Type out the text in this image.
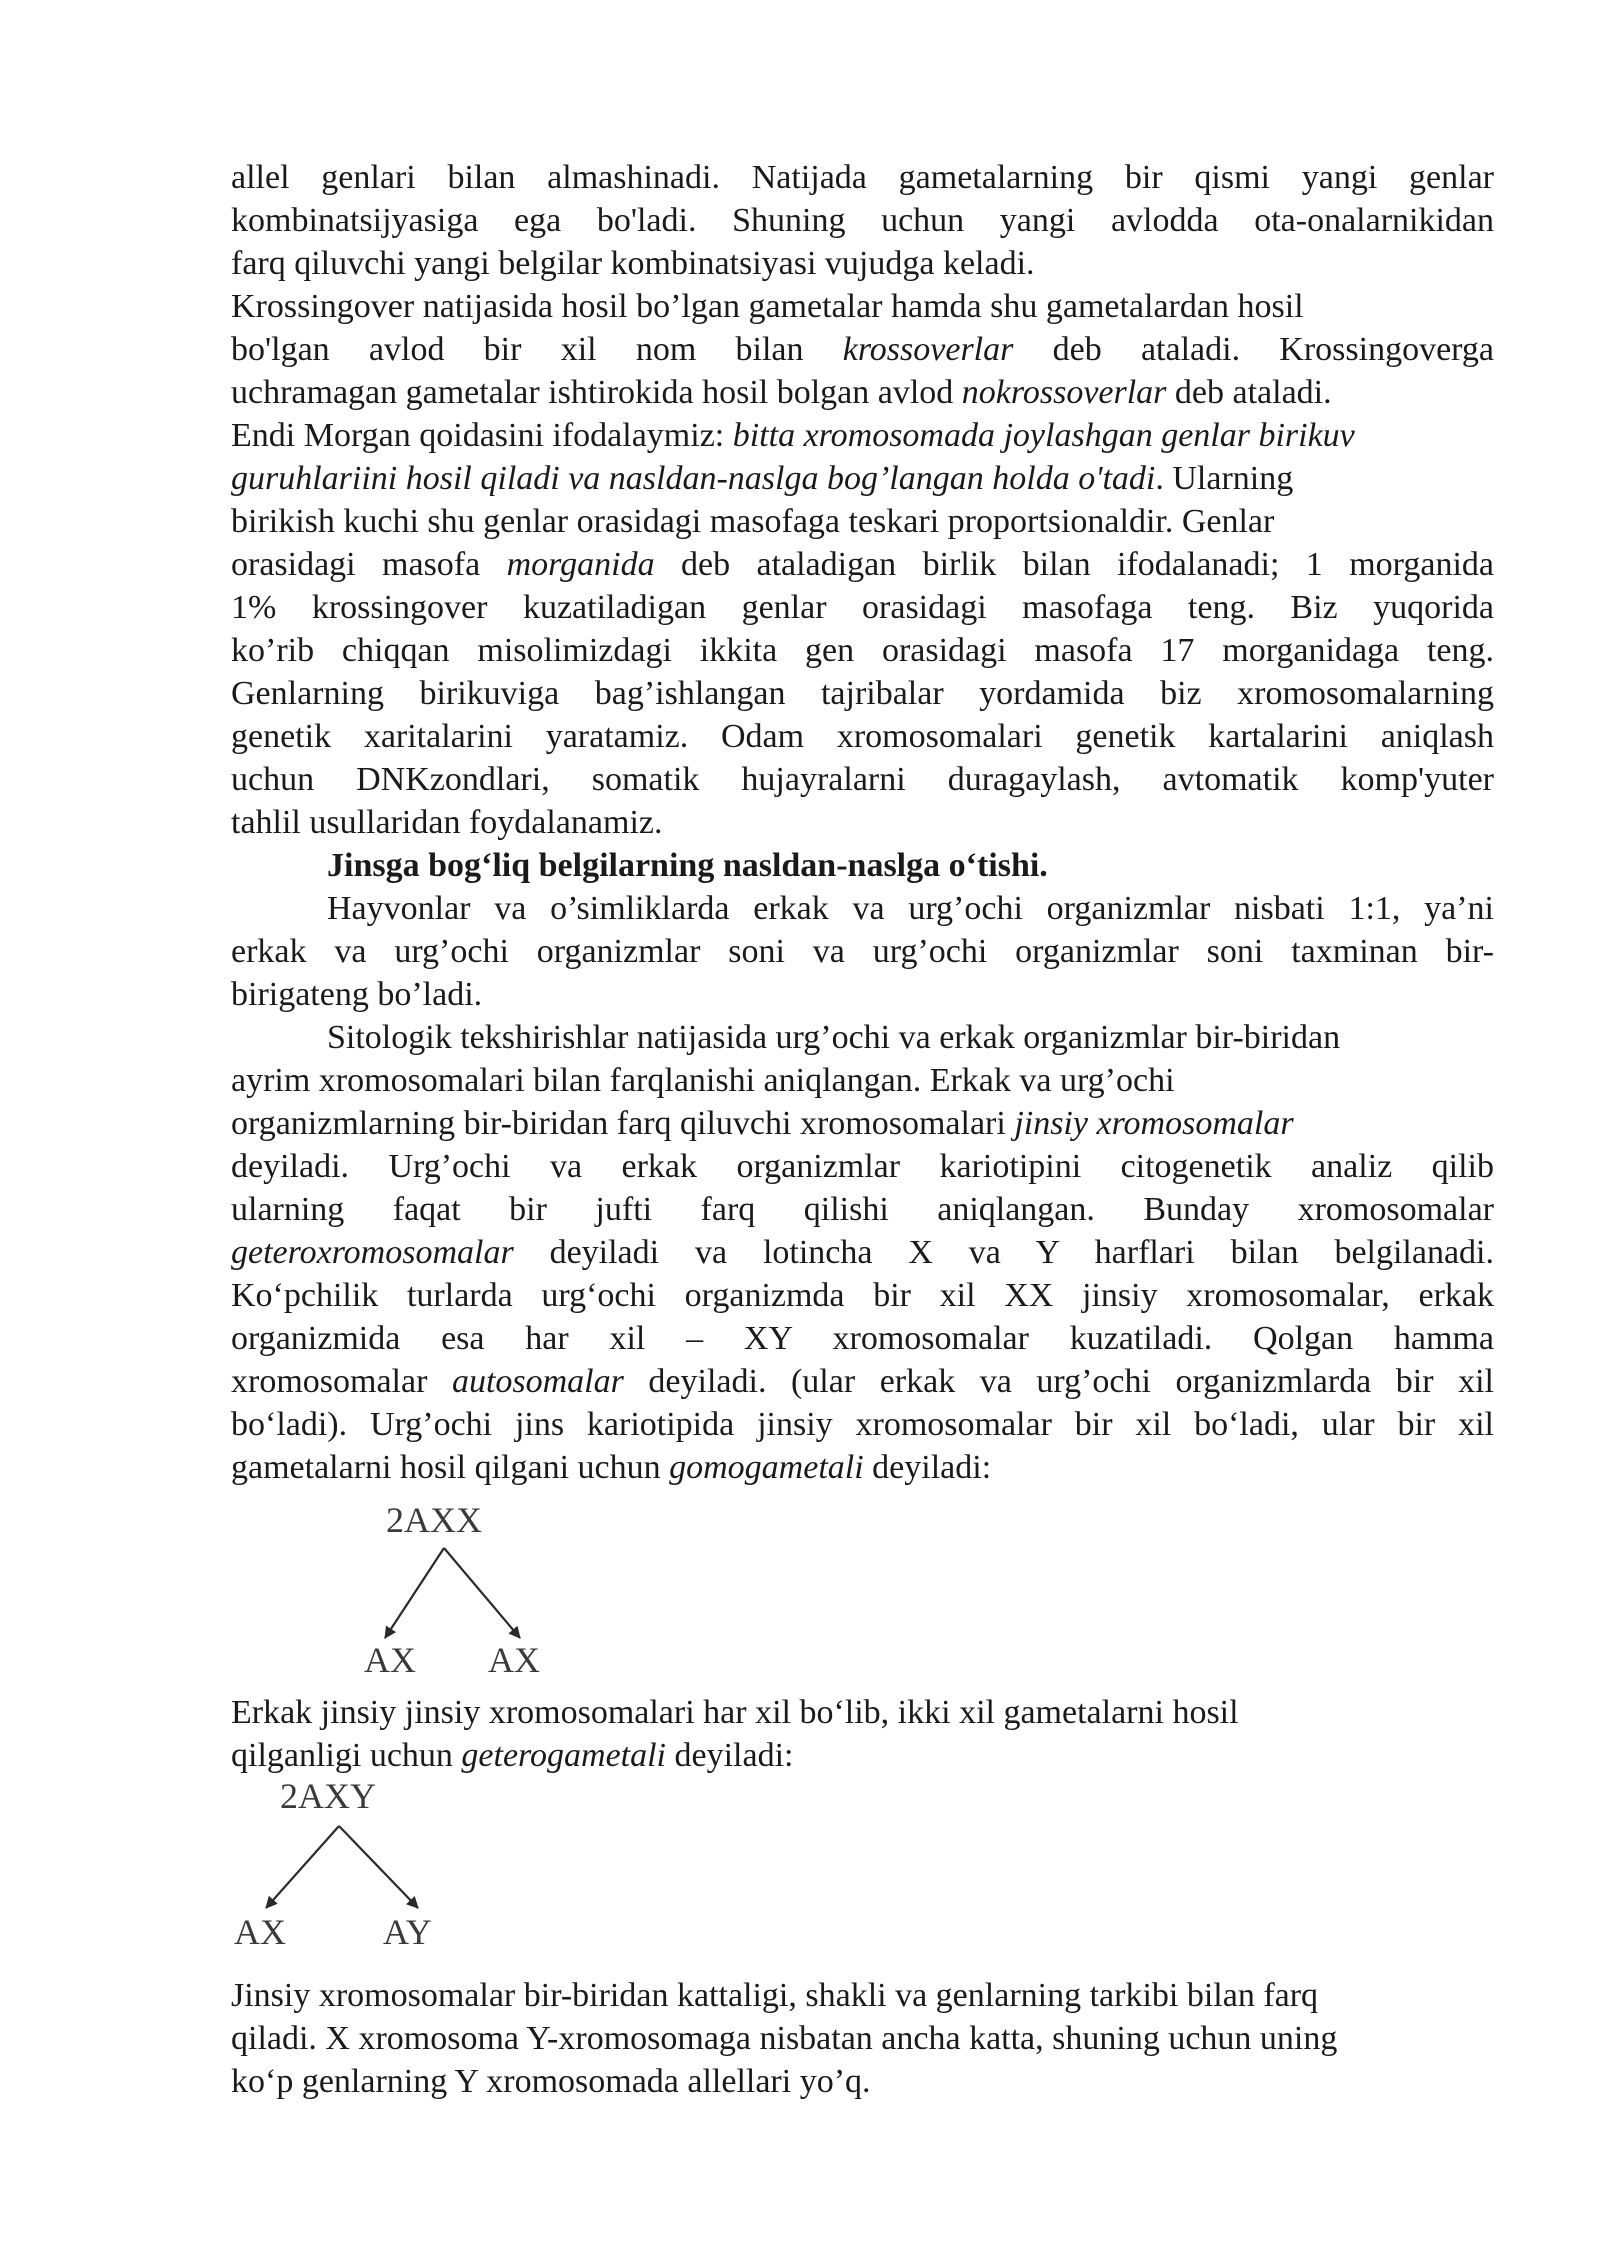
allel genlari bilan almashinadi. Natijada gametalarning bir qismi yangi genlar
kombinatsijyasiga ega bo'ladi. Shuning uchun yangi avlodda ota-onalarnikidan
farq qiluvchi yangi belgilar kombinatsiyasi vujudga keladi.
Krossingover natijasida hosil bo’lgan gametalar hamda shu gametalardan hosil
bo'lgan avlod bir xil nom bilan krossoverlar deb ataladi. Krossingoverga
uchramagan gametalar ishtirokida hosil bolgan avlod nokrossoverlar deb ataladi.
Endi Morgan qoidasini ifodalaymiz: bitta xromosomada joylashgan genlar birikuv
guruhlariini hosil qiladi va nasldan-naslga bog’langan holda o'tadi. Ularning
birikish kuchi shu genlar orasidagi masofaga teskari proportsionaldir. Genlar
orasidagi masofa morganida deb ataladigan birlik bilan ifodalanadi; 1 morganida
1% krossingover kuzatiladigan genlar orasidagi masofaga teng. Biz yuqorida
ko’rib chiqqan misolimizdagi ikkita gen orasidagi masofa 17 morganidaga teng.
Genlarning birikuviga bag’ishlangan tajribalar yordamida biz xromosomalarning
genetik xaritalarini yaratamiz. Odam xromosomalari genetik kartalarini aniqlash
uchun DNKzondlari, somatik hujayralarni duragaylash, avtomatik komp'yuter
tahlil usullaridan foydalanamiz.
Jinsga bog‘liq belgilarning nasldan-naslga o‘tishi.
Hayvonlar va o’simliklarda erkak va urg’ochi organizmlar nisbati 1:1, ya’ni
erkak va urg’ochi organizmlar soni va urg’ochi organizmlar soni taxminan bir-
birigateng bo’ladi.
Sitologik tekshirishlar natijasida urg’ochi va erkak organizmlar bir-biridan
ayrim xromosomalari bilan farqlanishi aniqlangan. Erkak va urg’ochi
organizmlarning bir-biridan farq qiluvchi xromosomalari jinsiy xromosomalar
deyiladi. Urg’ochi va erkak organizmlar kariotipini citogenetik analiz qilib
ularning faqat bir jufti farq qilishi aniqlangan. Bunday xromosomalar
geteroxromosomalar deyiladi va lotincha X va Y harflari bilan belgilanadi.
Ko‘pchilik turlarda urg‘ochi organizmda bir xil XX jinsiy xromosomalar, erkak
organizmida esa har xil – XY xromosomalar kuzatiladi. Qolgan hamma
xromosomalar autosomalar deyiladi. (ular erkak va urg’ochi organizmlarda bir xil
bo‘ladi). Urg’ochi jins kariotipida jinsiy xromosomalar bir xil bo‘ladi, ular bir xil
gametalarni hosil qilgani uchun gomogametali deyiladi:
2AXX
AX AX
Erkak jinsiy jinsiy xromosomalari har xil bo‘lib, ikki xil gametalarni hosil
qilganligi uchun geterogametali deyiladi:
2AXY
AX	AY
Jinsiy xromosomalar bir-biridan kattaligi, shakli va genlarning tarkibi bilan farq
qiladi. X xromosoma Y-xromosomaga nisbatan ancha katta, shuning uchun uning
ko‘p genlarning Y xromosomada allellari yo’q.
